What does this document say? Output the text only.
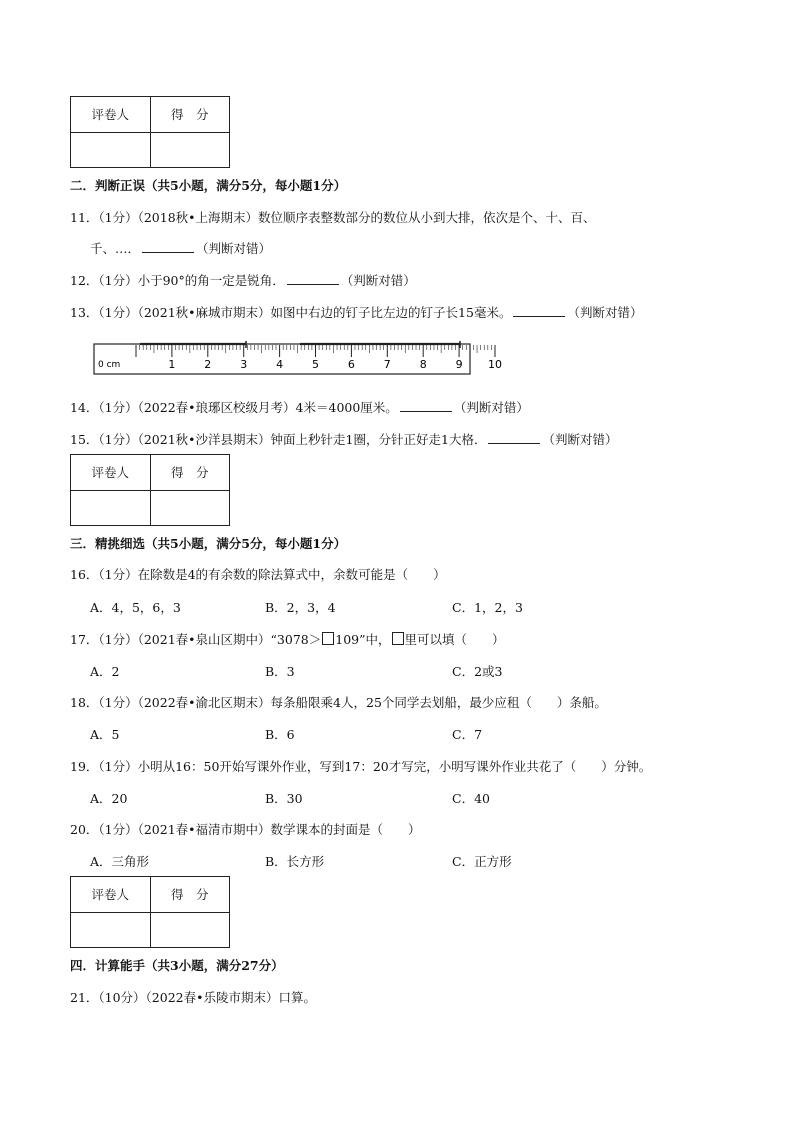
评卷人	得　分

二．判断正误（共5小题，满分5分，每小题1分）
11．（1分）（2018秋•上海期末）数位顺序表整数部分的数位从小到大排，依次是个、十、百、
千、…．	（判断对错）
12．（1分）小于90°的角一定是锐角．	（判断对错）
13．（1分）（2021秋•麻城市期末）如图中右边的钉子比左边的钉子长15毫米。	（判断对错）
0 cm	1	2	3	4	5	6	7	8	9 10
14．（1分）（2022春•琅琊区校级月考）4米＝4000厘米。	（判断对错）
15．（1分）（2021秋•沙洋县期末）钟面上秒针走1圈，分针正好走1大格．	（判断对错）
评卷人	得　分

三．精挑细选（共5小题，满分5分，每小题1分）
16．（1分）在除数是4的有余数的除法算式中，余数可能是（　　）
A．4，5，6，3	B．2，3，4	C．1，2，3
17．（1分）（2021春•泉山区期中）“3078＞ 109”中， 里可以填（　　）
A．2	B．3	C．2或3
18．（1分）（2022春•渝北区期末）每条船限乘4人，25个同学去划船，最少应租（　　）条船。
A．5	B．6	C．7
19．（1分）小明从16：50开始写课外作业，写到17：20才写完，小明写课外作业共花了（　　）分钟。
A．20	B．30	C．40
20．（1分）（2021春•福清市期中）数学课本的封面是（　　）
A．三角形	B．长方形	C．正方形
评卷人	得　分

四．计算能手（共3小题，满分27分）
21．（10分）（2022春•乐陵市期末）口算。
